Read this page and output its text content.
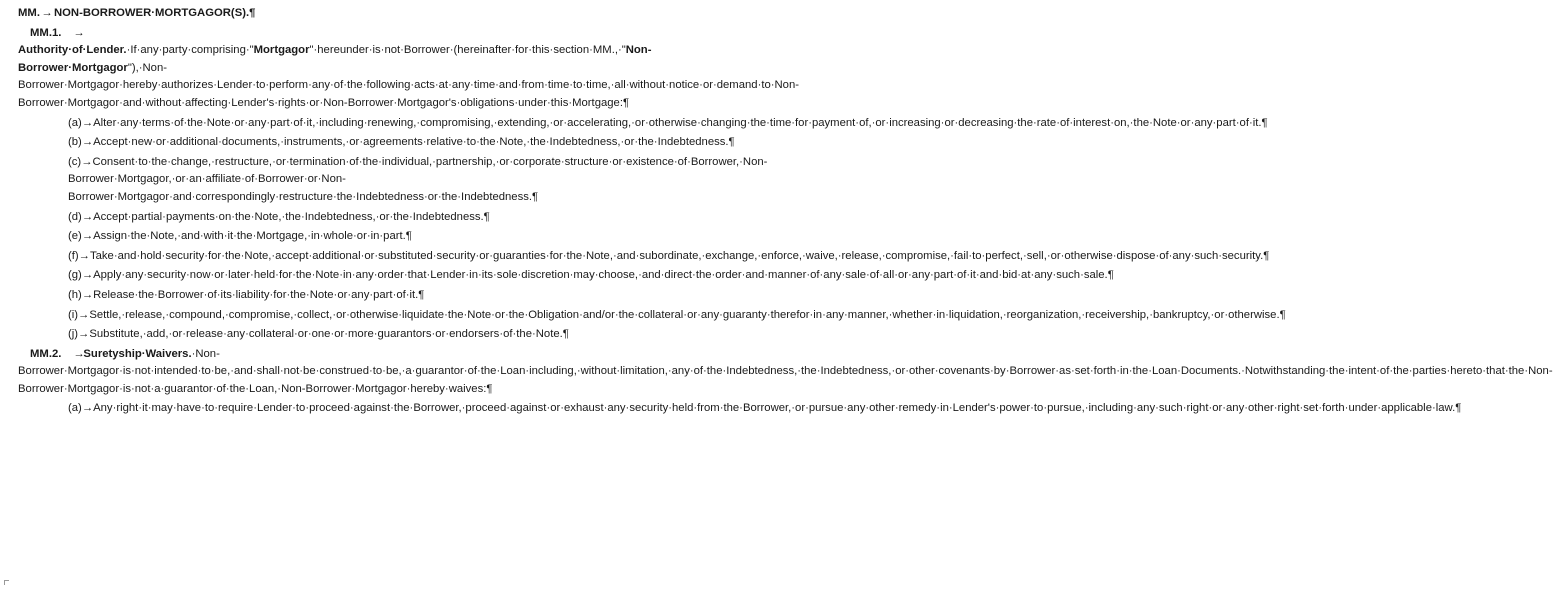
MM.→NON-BORROWER·MORTGAGOR(S).¶

MM.1. →Authority·of·Lender.·If·any·party·comprising·"Mortgagor"·hereunder·is·not·Borrower·(hereinafter·for·this·section·MM.,·"Non-Borrower·Mortgagor"),·Non-Borrower·Mortgagor·hereby·authorizes·Lender·to·perform·any·of·the·following·acts·at·any·time·and·from·time·to·time,·all·without·notice·or·demand·to·Non-Borrower·Mortgagor·and·without·affecting·Lender's·rights·or·Non-Borrower·Mortgagor's·obligations·under·this·Mortgage:¶

(a)→Alter·any·terms·of·the·Note·or·any·part·of·it,·including·renewing,·compromising,·extending,·or·accelerating,·or·otherwise·changing·the·time·for·payment·of,·or·increasing·or·decreasing·the·rate·of·interest·on,·the·Note·or·any·part·of·it.¶

(b)→Accept·new·or·additional·documents,·instruments,·or·agreements·relative·to·the·Note,·the·Indebtedness,·or·the·Indebtedness.¶

(c)→Consent·to·the·change,·restructure,·or·termination·of·the·individual,·partnership,·or·corporate·structure·or·existence·of·Borrower,·Non-Borrower·Mortgagor,·or·an·affiliate·of·Borrower·or·Non-Borrower·Mortgagor·and·correspondingly·restructure·the·Indebtedness·or·the·Indebtedness.¶

(d)→Accept·partial·payments·on·the·Note,·the·Indebtedness,·or·the·Indebtedness.¶

(e)→Assign·the·Note,·and·with·it·the·Mortgage,·in·whole·or·in·part.¶

(f)→Take·and·hold·security·for·the·Note,·accept·additional·or·substituted·security·or·guaranties·for·the·Note,·and·subordinate,·exchange,·enforce,·waive,·release,·compromise,·fail·to·perfect,·sell,·or·otherwise·dispose·of·any·such·security.¶

(g)→Apply·any·security·now·or·later·held·for·the·Note·in·any·order·that·Lender·in·its·sole·discretion·may·choose,·and·direct·the·order·and·manner·of·any·sale·of·all·or·any·part·of·it·and·bid·at·any·such·sale.¶

(h)→Release·the·Borrower·of·its·liability·for·the·Note·or·any·part·of·it.¶

(i)→Settle,·release,·compound,·compromise,·collect,·or·otherwise·liquidate·the·Note·or·the·Obligation·and/or·the·collateral·or·any·guaranty·therefor·in·any·manner,·whether·in·liquidation,·reorganization,·receivership,·bankruptcy,·or·otherwise.¶

(j)→Substitute,·add,·or·release·any·collateral·or·one·or·more·guarantors·or·endorsers·of·the·Note.¶

MM.2. →Suretyship·Waivers.·Non-Borrower·Mortgagor·is·not·intended·to·be,·and·shall·not·be·construed·to·be,·a·guarantor·of·the·Loan·including,·without·limitation,·any·of·the·Indebtedness,·the·Indebtedness,·or·other·covenants·by·Borrower·as·set·forth·in·the·Loan·Documents.·Notwithstanding·the·intent·of·the·parties·hereto·that·the·Non-Borrower·Mortgagor·is·not·a·guarantor·of·the·Loan,·Non-Borrower·Mortgagor·hereby·waives:¶

(a)→Any·right·it·may·have·to·require·Lender·to·proceed·against·the·Borrower,·proceed·against·or·exhaust·any·security·held·from·the·Borrower,·or·pursue·any·other·remedy·in·Lender's·power·to·pursue,·including·any·such·right·or·any·other·right·set·forth·under·applicable·law.¶
